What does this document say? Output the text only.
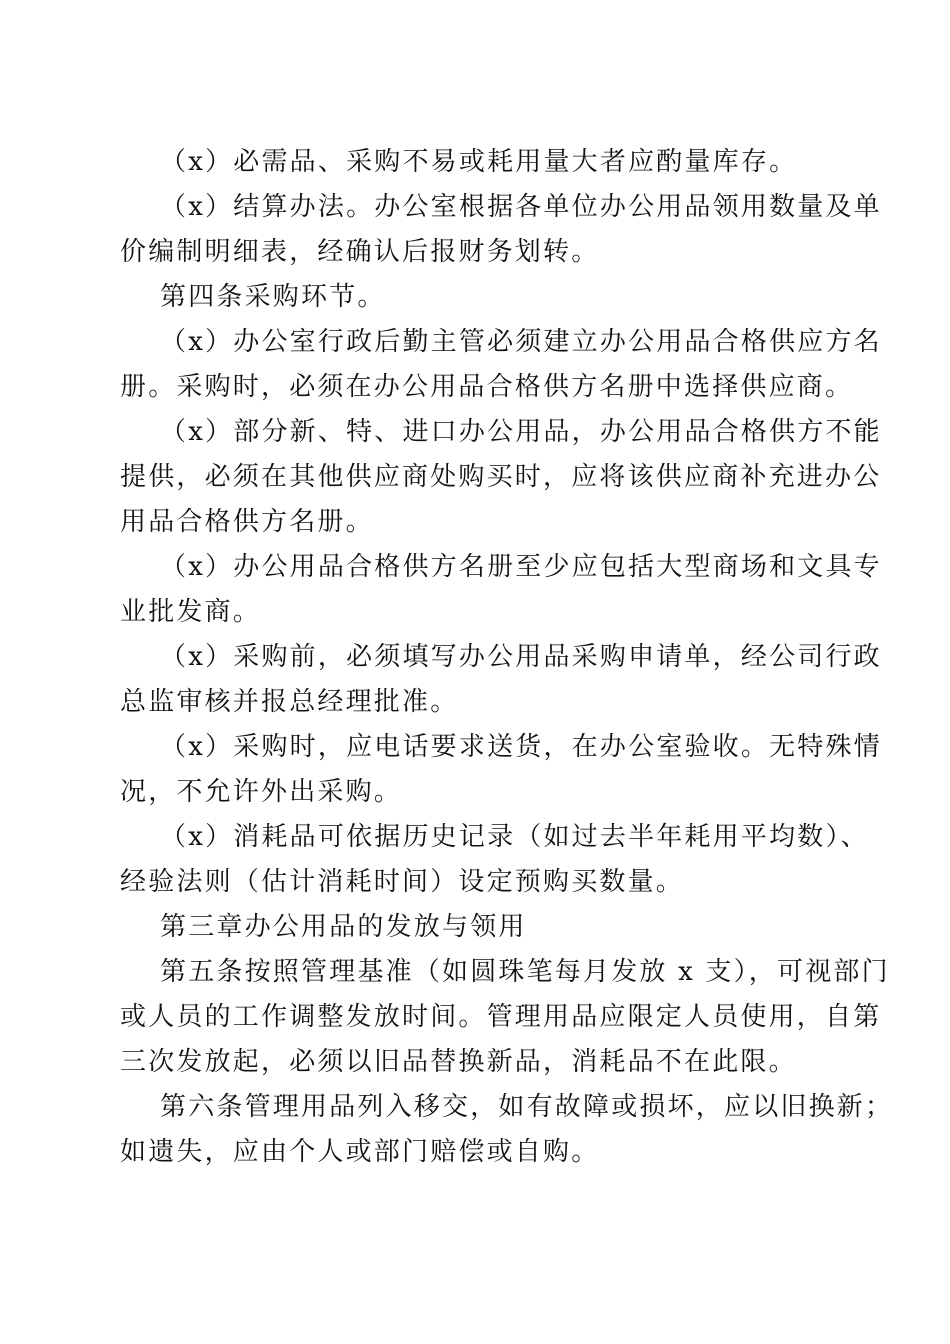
（x）必需品、采购不易或耗用量大者应酌量库存。
（x）结算办法。办公室根据各单位办公用品领用数量及单
价编制明细表，经确认后报财务划转。
第四条采购环节。
（x）办公室行政后勤主管必须建立办公用品合格供应方名
册。采购时，必须在办公用品合格供方名册中选择供应商。
（x）部分新、特、进口办公用品，办公用品合格供方不能
提供，必须在其他供应商处购买时，应将该供应商补充进办公
用品合格供方名册。
（x）办公用品合格供方名册至少应包括大型商场和文具专
业批发商。
（x）采购前，必须填写办公用品采购申请单，经公司行政
总监审核并报总经理批准。
（x）采购时，应电话要求送货，在办公室验收。无特殊情
况，不允许外出采购。
（x）消耗品可依据历史记录（如过去半年耗用平均数）、
经验法则（估计消耗时间）设定预购买数量。
第三章办公用品的发放与领用
第五条按照管理基准（如圆珠笔每月发放 x 支），可视部门
或人员的工作调整发放时间。管理用品应限定人员使用，自第
三次发放起，必须以旧品替换新品，消耗品不在此限。
第六条管理用品列入移交，如有故障或损坏，应以旧换新；
如遗失，应由个人或部门赔偿或自购。
